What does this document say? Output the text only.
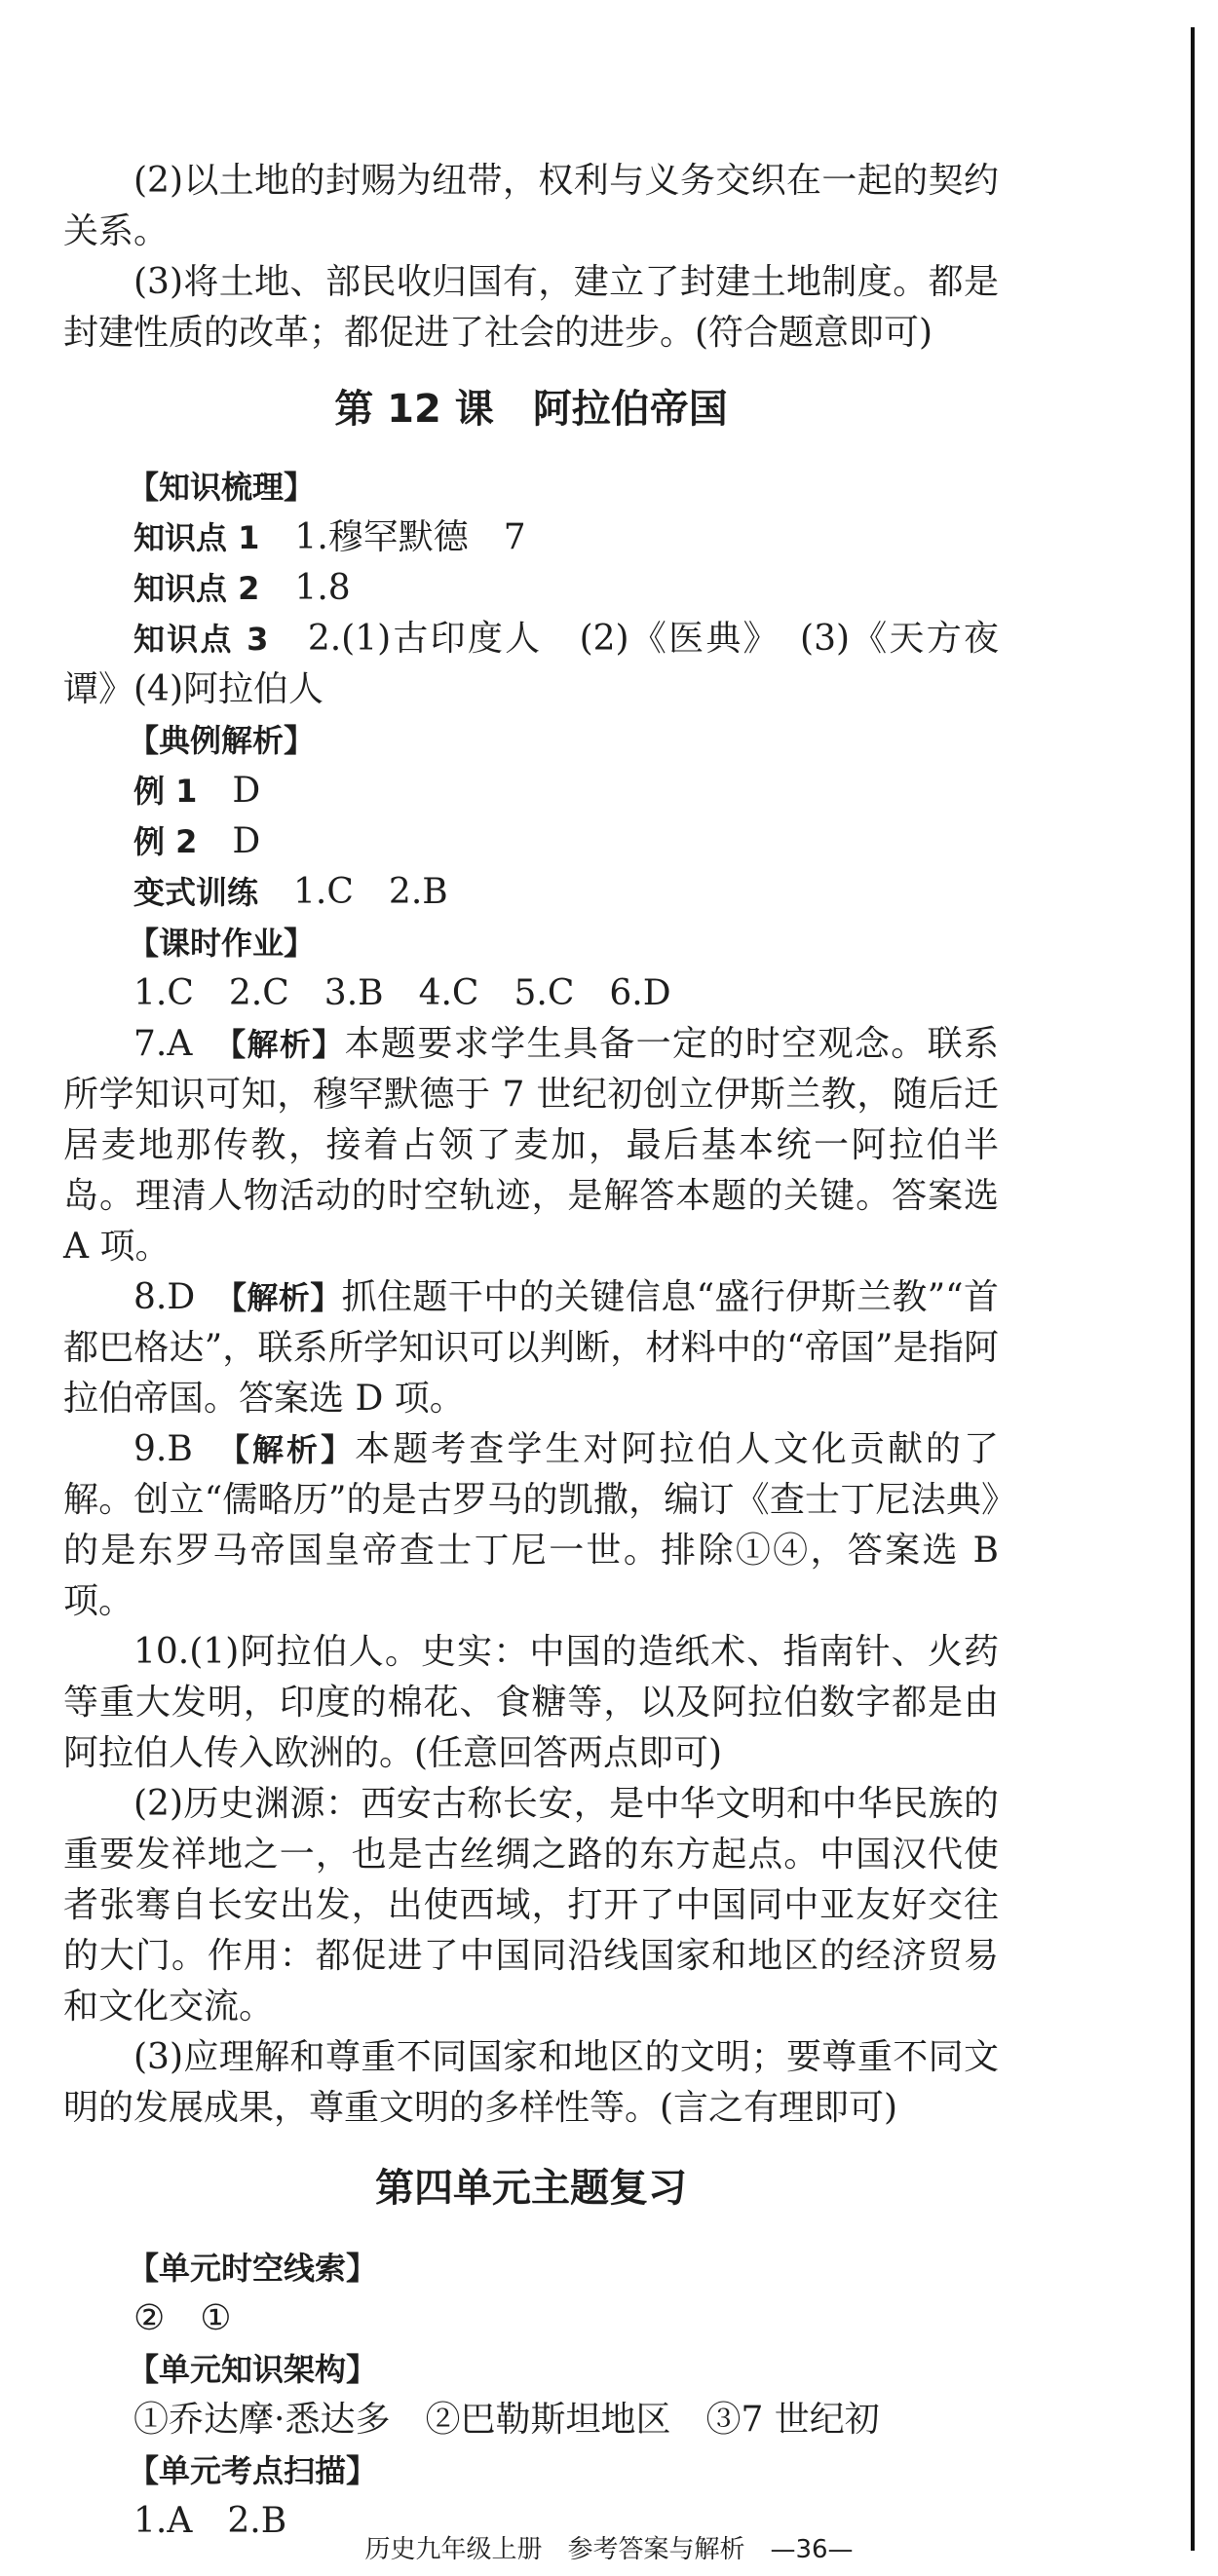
(2)以土地的封赐为纽带，权利与义务交织在一起的契约关系。

(3)将土地、部民收归国有，建立了封建土地制度。都是封建性质的改革；都促进了社会的进步。(符合题意即可)

第 12 课　阿拉伯帝国

【知识梳理】

知识点 1　1.穆罕默德　7

知识点 2　1.8

知识点 3　2.(1)古印度人　(2)《医典》　(3)《天方夜谭》(4)阿拉伯人

【典例解析】

例 1　D

例 2　D

变式训练　1.C　2.B

【课时作业】

1.C　2.C　3.B　4.C　5.C　6.D

7.A　【解析】本题要求学生具备一定的时空观念。联系所学知识可知，穆罕默德于 7 世纪初创立伊斯兰教，随后迁居麦地那传教，接着占领了麦加，最后基本统一阿拉伯半岛。理清人物活动的时空轨迹，是解答本题的关键。答案选 A 项。

8.D　【解析】抓住题干中的关键信息“盛行伊斯兰教”“首都巴格达”，联系所学知识可以判断，材料中的“帝国”是指阿拉伯帝国。答案选 D 项。

9.B　【解析】本题考查学生对阿拉伯人文化贡献的了解。创立“儒略历”的是古罗马的凯撒，编订《查士丁尼法典》的是东罗马帝国皇帝查士丁尼一世。排除①④，答案选 B 项。

10.(1)阿拉伯人。史实：中国的造纸术、指南针、火药等重大发明，印度的棉花、食糖等，以及阿拉伯数字都是由阿拉伯人传入欧洲的。(任意回答两点即可)

(2)历史渊源：西安古称长安，是中华文明和中华民族的重要发祥地之一，也是古丝绸之路的东方起点。中国汉代使者张骞自长安出发，出使西域，打开了中国同中亚友好交往的大门。作用：都促进了中国同沿线国家和地区的经济贸易和文化交流。

(3)应理解和尊重不同国家和地区的文明；要尊重不同文明的发展成果，尊重文明的多样性等。(言之有理即可)

第四单元主题复习

【单元时空线索】

②　①

【单元知识架构】

①乔达摩·悉达多　②巴勒斯坦地区　③7 世纪初

【单元考点扫描】

1.A　2.B

历史九年级上册　参考答案与解析　—36—
